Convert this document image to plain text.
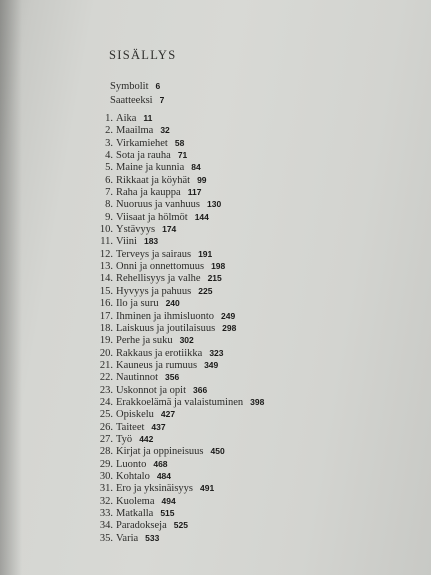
SISÄLLYS
Symbolit 6
Saatteeksi 7
1. Aika 11
2. Maailma 32
3. Virkamiehet 58
4. Sota ja rauha 71
5. Maine ja kunnia 84
6. Rikkaat ja köyhät 99
7. Raha ja kauppa 117
8. Nuoruus ja vanhuus 130
9. Viisaat ja hölmöt 144
10. Ystävyys 174
11. Viini 183
12. Terveys ja sairaus 191
13. Onni ja onnettomuus 198
14. Rehellisyys ja valhe 215
15. Hyvyys ja pahuus 225
16. Ilo ja suru 240
17. Ihminen ja ihmisluonto 249
18. Laiskuus ja joutilaisuus 298
19. Perhe ja suku 302
20. Rakkaus ja erotiikka 323
21. Kauneus ja rumuus 349
22. Nautinnot 356
23. Uskonnot ja opit 366
24. Erakkoelämä ja valaistuminen 398
25. Opiskelu 427
26. Taiteet 437
27. Työ 442
28. Kirjat ja oppineisuus 450
29. Luonto 468
30. Kohtalo 484
31. Ero ja yksinäisyys 491
32. Kuolema 494
33. Matkalla 515
34. Paradokseja 525
35. Varia 533
